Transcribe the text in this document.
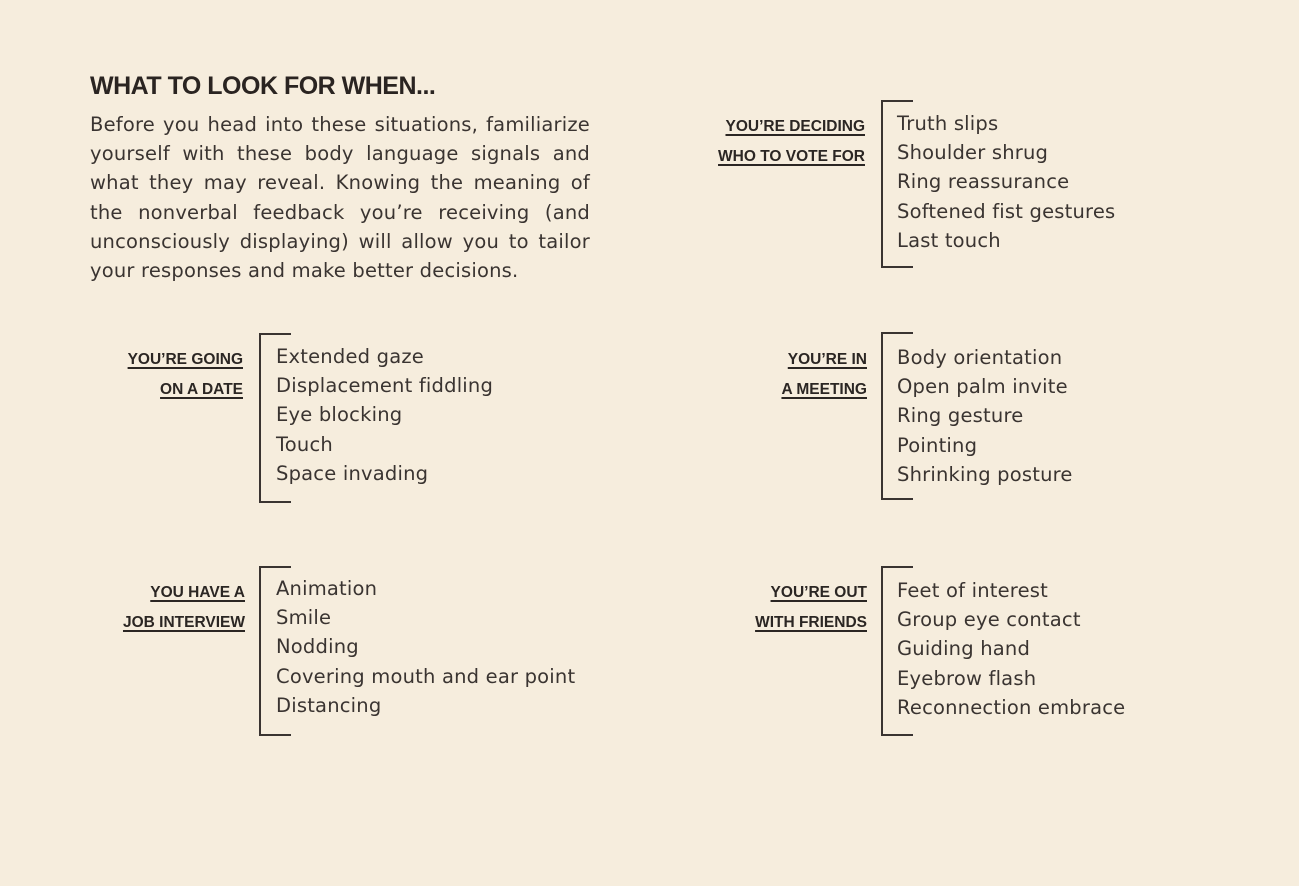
WHAT TO LOOK FOR WHEN...
Before you head into these situations, familiarize yourself with these body language signals and what they may reveal. Knowing the meaning of the nonverbal feedback you’re receiving (and unconsciously displaying) will allow you to tailor your responses and make better decisions.
YOU’RE DECIDING
WHO TO VOTE FOR
Truth slips
Shoulder shrug
Ring reassurance
Softened fist gestures
Last touch
YOU’RE GOING
ON A DATE
Extended gaze
Displacement fiddling
Eye blocking
Touch
Space invading
YOU’RE IN
A MEETING
Body orientation
Open palm invite
Ring gesture
Pointing
Shrinking posture
YOU HAVE A
JOB INTERVIEW
Animation
Smile
Nodding
Covering mouth and ear point
Distancing
YOU’RE OUT
WITH FRIENDS
Feet of interest
Group eye contact
Guiding hand
Eyebrow flash
Reconnection embrace
